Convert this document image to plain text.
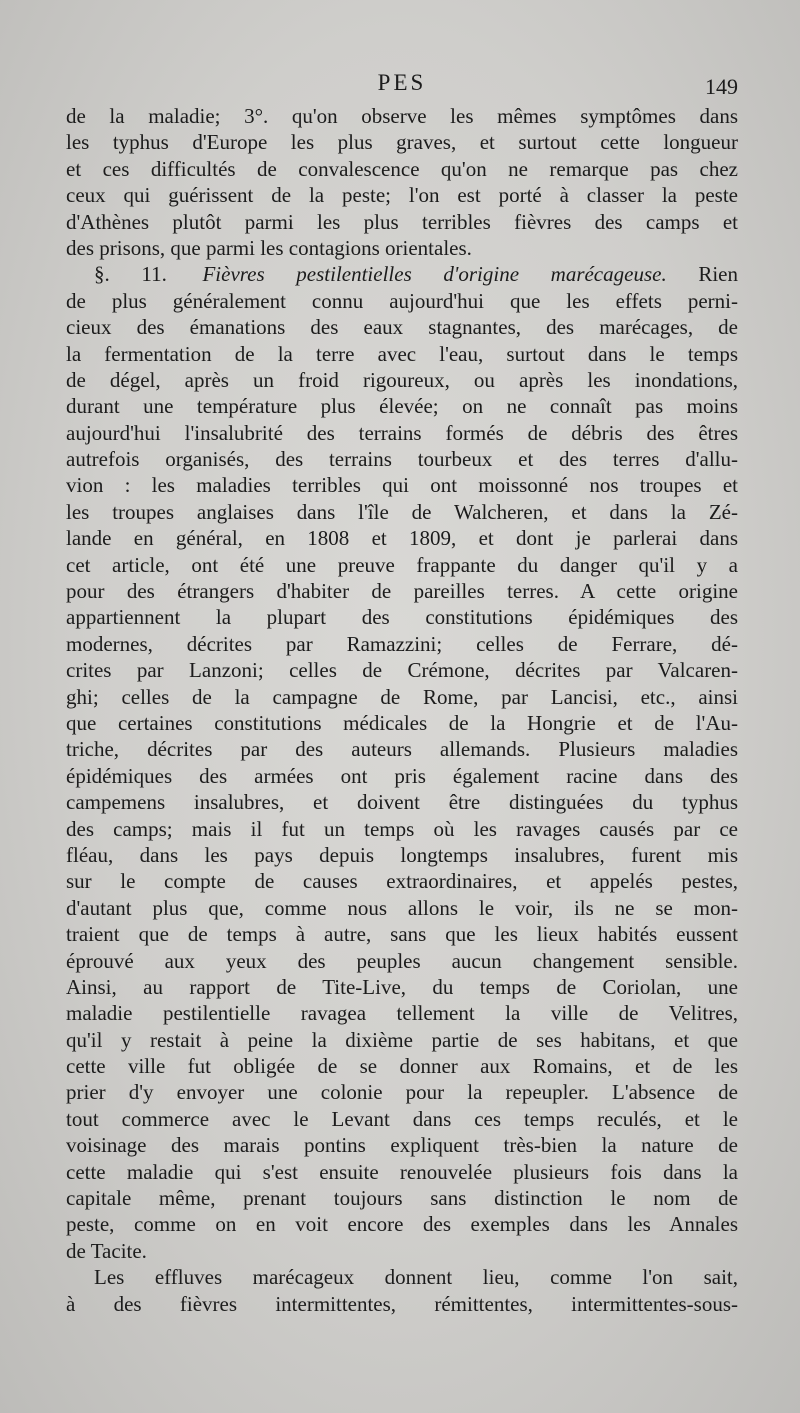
PES	149
de la maladie; 3°. qu'on observe les mêmes symptômes dans
les typhus d'Europe les plus graves, et surtout cette longueur
et ces difficultés de convalescence qu'on ne remarque pas chez
ceux qui guérissent de la peste; l'on est porté à classer la peste
d'Athènes plutôt parmi les plus terribles fièvres des camps et
des prisons, que parmi les contagions orientales.
§. 11. Fièvres pestilentielles d'origine marécageuse. Rien
de plus généralement connu aujourd'hui que les effets perni-
cieux des émanations des eaux stagnantes, des marécages, de
la fermentation de la terre avec l'eau, surtout dans le temps
de dégel, après un froid rigoureux, ou après les inondations,
durant une température plus élevée; on ne connaît pas moins
aujourd'hui l'insalubrité des terrains formés de débris des êtres
autrefois organisés, des terrains tourbeux et des terres d'allu-
vion : les maladies terribles qui ont moissonné nos troupes et
les troupes anglaises dans l'île de Walcheren, et dans la Zé-
lande en général, en 1808 et 1809, et dont je parlerai dans
cet article, ont été une preuve frappante du danger qu'il y a
pour des étrangers d'habiter de pareilles terres. A cette origine
appartiennent la plupart des constitutions épidémiques des
modernes, décrites par Ramazzini; celles de Ferrare, dé-
crites par Lanzoni; celles de Crémone, décrites par Valcaren-
ghi; celles de la campagne de Rome, par Lancisi, etc., ainsi
que certaines constitutions médicales de la Hongrie et de l'Au-
triche, décrites par des auteurs allemands. Plusieurs maladies
épidémiques des armées ont pris également racine dans des
campemens insalubres, et doivent être distinguées du typhus
des camps; mais il fut un temps où les ravages causés par ce
fléau, dans les pays depuis longtemps insalubres, furent mis
sur le compte de causes extraordinaires, et appelés pestes,
d'autant plus que, comme nous allons le voir, ils ne se mon-
traient que de temps à autre, sans que les lieux habités eussent
éprouvé aux yeux des peuples aucun changement sensible.
Ainsi, au rapport de Tite-Live, du temps de Coriolan, une
maladie pestilentielle ravagea tellement la ville de Velitres,
qu'il y restait à peine la dixième partie de ses habitans, et que
cette ville fut obligée de se donner aux Romains, et de les
prier d'y envoyer une colonie pour la repeupler. L'absence de
tout commerce avec le Levant dans ces temps reculés, et le
voisinage des marais pontins expliquent très-bien la nature de
cette maladie qui s'est ensuite renouvelée plusieurs fois dans la
capitale même, prenant toujours sans distinction le nom de
peste, comme on en voit encore des exemples dans les Annales
de Tacite.
Les effluves marécageux donnent lieu, comme l'on sait,
à des fièvres intermittentes, rémittentes, intermittentes-sous-
